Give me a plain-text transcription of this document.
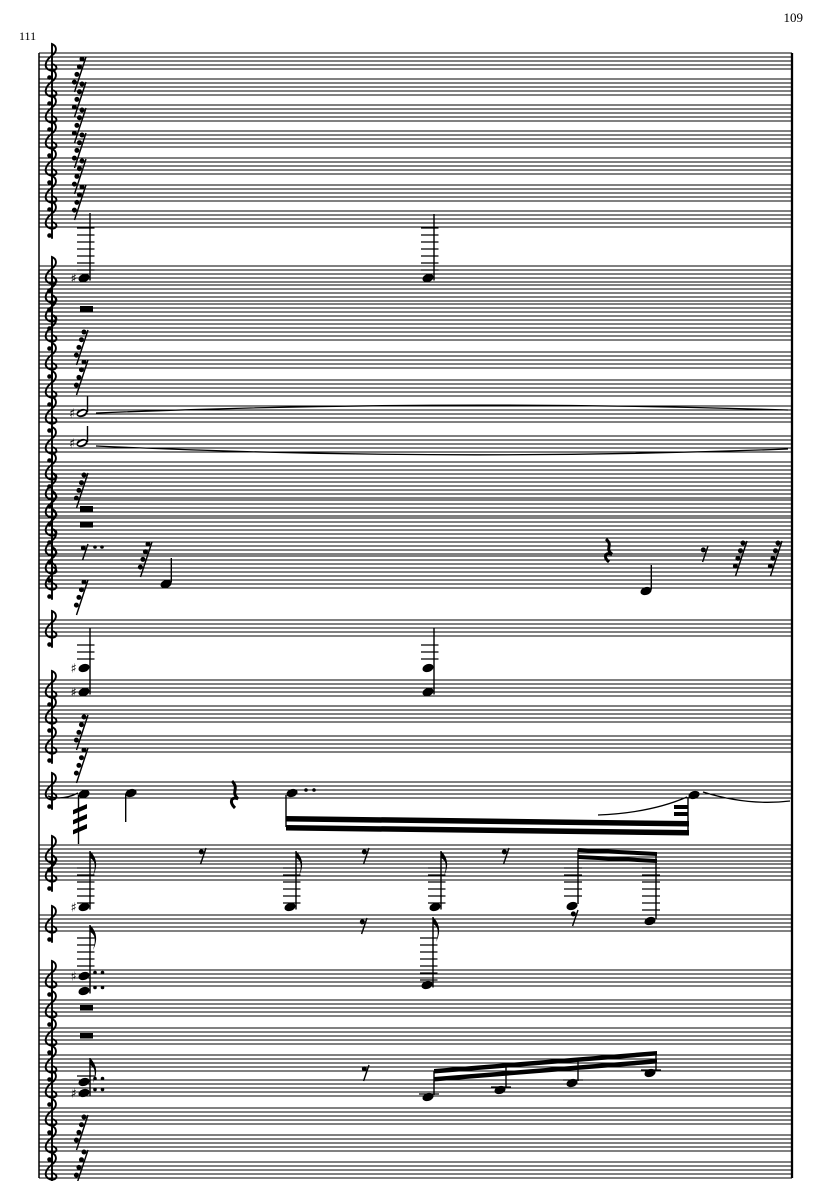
111
109
♯
♯
♯
♯
♯
♯
♯
♯
